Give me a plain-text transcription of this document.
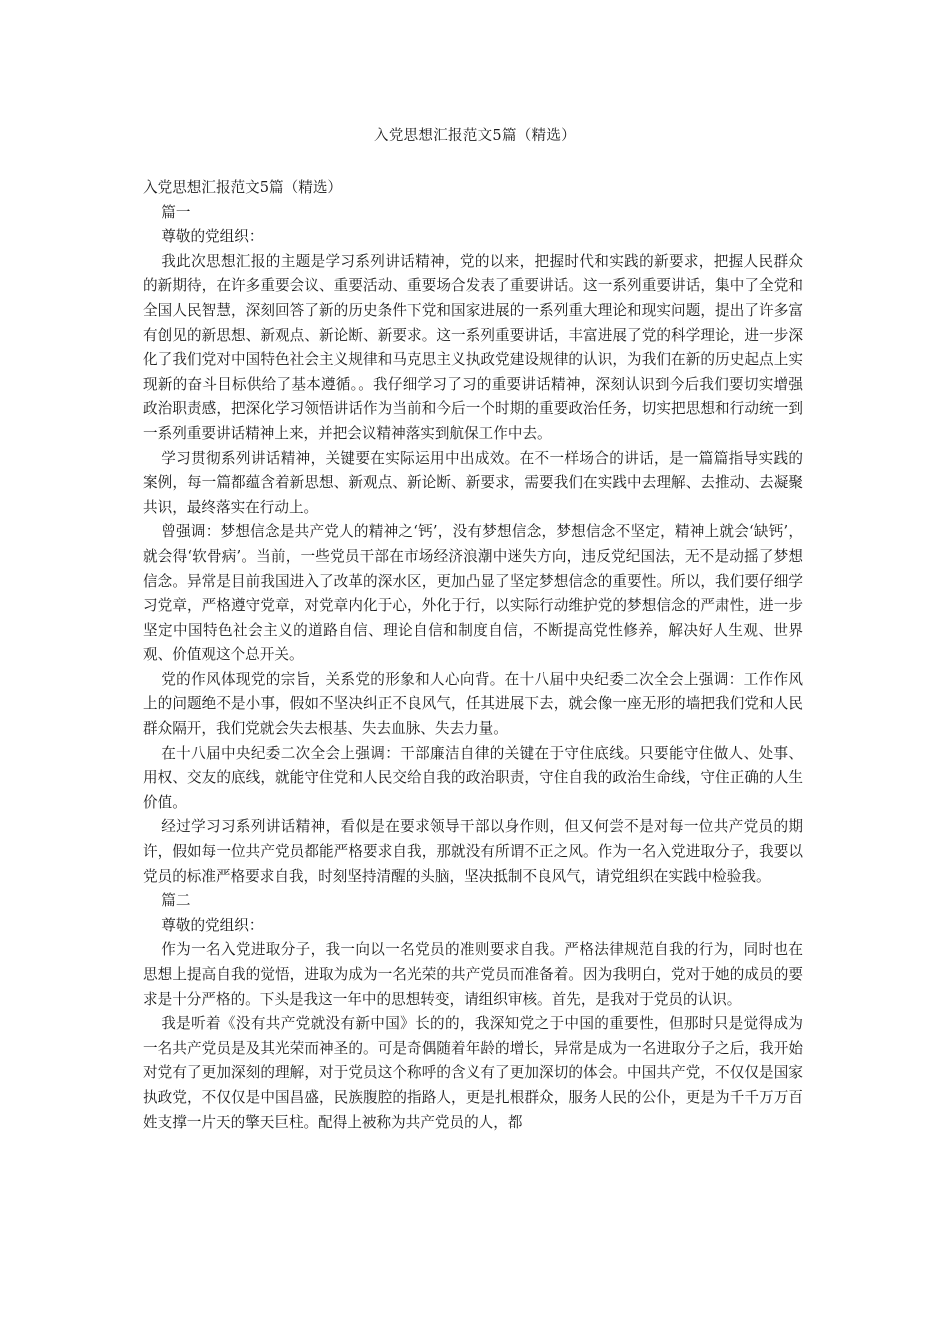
入党思想汇报范文5篇（精选）

入党思想汇报范文5篇（精选）

篇一

尊敬的党组织：

我此次思想汇报的主题是学习系列讲话精神，党的以来，把握时代和实践的新要求，把握人民群众的新期待，在许多重要会议、重要活动、重要场合发表了重要讲话。这一系列重要讲话，集中了全党和全国人民智慧，深刻回答了新的历史条件下党和国家进展的一系列重大理论和现实问题，提出了许多富有创见的新思想、新观点、新论断、新要求。这一系列重要讲话，丰富进展了党的科学理论，进一步深化了我们党对中国特色社会主义规律和马克思主义执政党建设规律的认识，为我们在新的历史起点上实现新的奋斗目标供给了基本遵循。。我仔细学习了习的重要讲话精神，深刻认识到今后我们要切实增强政治职责感，把深化学习领悟讲话作为当前和今后一个时期的重要政治任务，切实把思想和行动统一到一系列重要讲话精神上来，并把会议精神落实到航保工作中去。

学习贯彻系列讲话精神，关键要在实际运用中出成效。在不一样场合的讲话，是一篇篇指导实践的案例，每一篇都蕴含着新思想、新观点、新论断、新要求，需要我们在实践中去理解、去推动、去凝聚共识，最终落实在行动上。

曾强调：梦想信念是共产党人的精神之‘钙’，没有梦想信念，梦想信念不坚定，精神上就会‘缺钙’，就会得‘软骨病’。当前，一些党员干部在市场经济浪潮中迷失方向，违反党纪国法，无不是动摇了梦想信念。异常是目前我国进入了改革的深水区，更加凸显了坚定梦想信念的重要性。所以，我们要仔细学习党章，严格遵守党章，对党章内化于心，外化于行，以实际行动维护党的梦想信念的严肃性，进一步坚定中国特色社会主义的道路自信、理论自信和制度自信，不断提高党性修养，解决好人生观、世界观、价值观这个总开关。

党的作风体现党的宗旨，关系党的形象和人心向背。在十八届中央纪委二次全会上强调：工作作风上的问题绝不是小事，假如不坚决纠正不良风气，任其进展下去，就会像一座无形的墙把我们党和人民群众隔开，我们党就会失去根基、失去血脉、失去力量。

在十八届中央纪委二次全会上强调：干部廉洁自律的关键在于守住底线。只要能守住做人、处事、用权、交友的底线，就能守住党和人民交给自我的政治职责，守住自我的政治生命线，守住正确的人生价值。

经过学习习系列讲话精神，看似是在要求领导干部以身作则，但又何尝不是对每一位共产党员的期许，假如每一位共产党员都能严格要求自我，那就没有所谓不正之风。作为一名入党进取分子，我要以党员的标准严格要求自我，时刻坚持清醒的头脑，坚决抵制不良风气，请党组织在实践中检验我。

篇二

尊敬的党组织：

作为一名入党进取分子，我一向以一名党员的准则要求自我。严格法律规范自我的行为，同时也在思想上提高自我的觉悟，进取为成为一名光荣的共产党员而准备着。因为我明白，党对于她的成员的要求是十分严格的。下头是我这一年中的思想转变，请组织审核。首先，是我对于党员的认识。

我是听着《没有共产党就没有新中国》长的的，我深知党之于中国的重要性，但那时只是觉得成为一名共产党员是及其光荣而神圣的。可是奇偶随着年龄的增长，异常是成为一名进取分子之后，我开始对党有了更加深刻的理解，对于党员这个称呼的含义有了更加深切的体会。中国共产党，不仅仅是国家执政党，不仅仅是中国昌盛，民族腹腔的指路人，更是扎根群众，服务人民的公仆，更是为千千万万百姓支撑一片天的擎天巨柱。配得上被称为共产党员的人，都
